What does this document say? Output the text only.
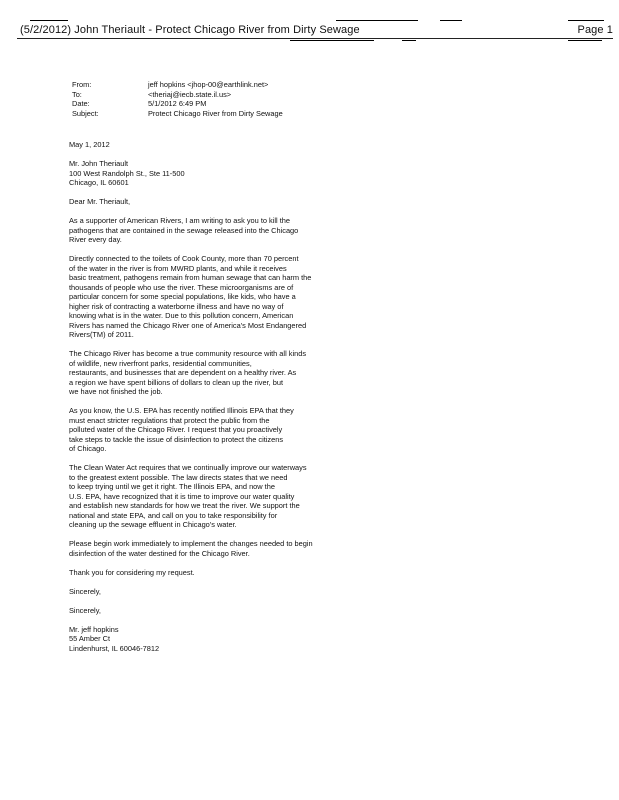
(5/2/2012) John Theriault - Protect Chicago River from Dirty Sewage	Page 1
From:	jeff hopkins <jhop-00@earthlink.net>
To:	<theriaj@iecb.state.il.us>
Date:	5/1/2012 6:49 PM
Subject:	Protect Chicago River from Dirty Sewage
May 1, 2012
Mr. John Theriault
100 West Randolph St., Ste 11-500
Chicago, IL 60601
Dear Mr. Theriault,
As a supporter of American Rivers, I am writing to ask you to kill the
pathogens that are contained in the sewage released into the Chicago
River every day.
Directly connected to the toilets of Cook County, more than 70 percent
of the water in the river is from MWRD plants, and while it receives
basic treatment, pathogens remain from human sewage that can harm the
thousands of people who use the river. These microorganisms are of
particular concern for some special populations, like kids, who have a
higher risk of contracting a waterborne illness and have no way of
knowing what is in the water. Due to this pollution concern, American
Rivers has named the Chicago River one of America's Most Endangered
Rivers(TM) of 2011.
The Chicago River has become a true community resource with all kinds
of wildlife, new riverfront parks, residential communities,
restaurants, and businesses that are dependent on a healthy river. As
a region we have spent billions of dollars to clean up the river, but
we have not finished the job.
As you know, the U.S. EPA has recently notified Illinois EPA that they
must enact stricter regulations that protect the public from the
polluted water of the Chicago River. I request that you proactively
take steps to tackle the issue of disinfection to protect the citizens
of Chicago.
The Clean Water Act requires that we continually improve our waterways
to the greatest extent possible. The law directs states that we need
to keep trying until we get it right. The Illinois EPA, and now the
U.S. EPA, have recognized that it is time to improve our water quality
and establish new standards for how we treat the river. We support the
national and state EPA, and call on you to take responsibility for
cleaning up the sewage effluent in Chicago's water.
Please begin work immediately to implement the changes needed to begin
disinfection of the water destined for the Chicago River.
Thank you for considering my request.
Sincerely,
Sincerely,
Mr. jeff hopkins
55 Amber Ct
Lindenhurst, IL 60046-7812
